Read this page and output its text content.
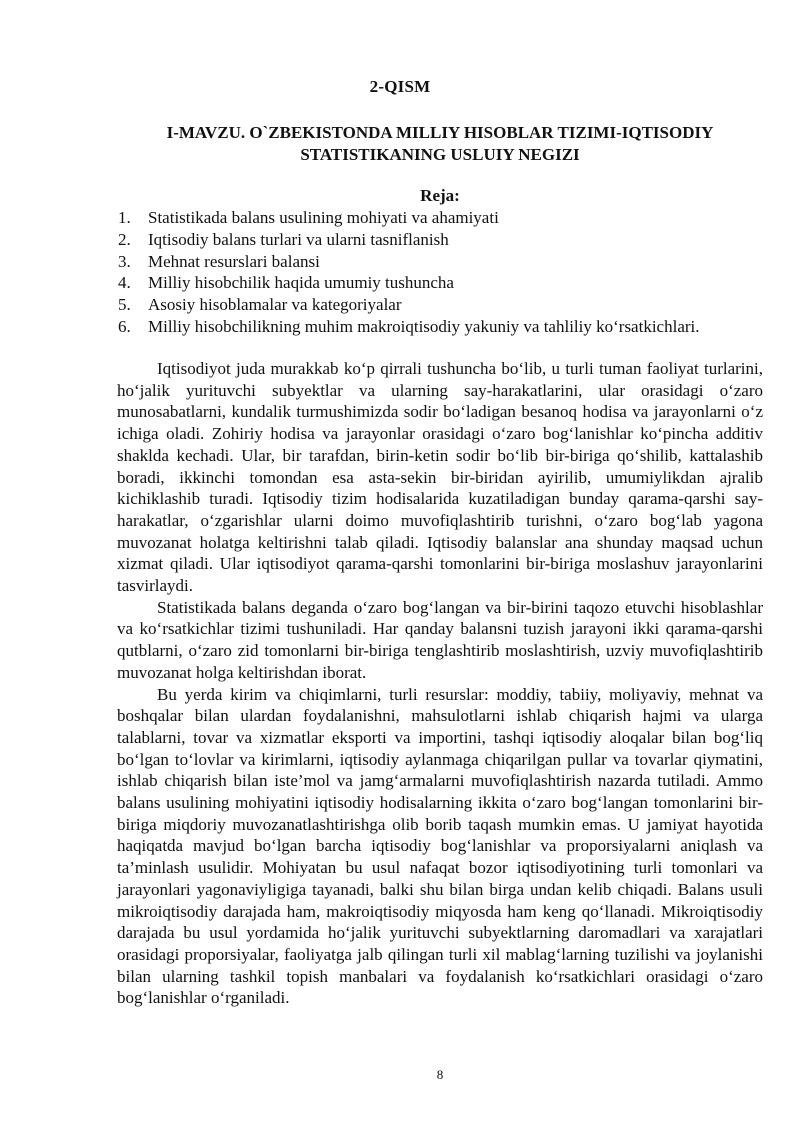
2-QISM
I-MAVZU. O`ZBEKISTONDA MILLIY HISOBLAR TIZIMI-IQTISODIY STATISTIKANING USLUIY NEGIZI
Reja:
1. Statistikada balans usulining mohiyati va ahamiyati
2. Iqtisodiy balans turlari va ularni tasniflanish
3. Mehnat resurslari balansi
4. Milliy hisobchilik haqida umumiy tushuncha
5. Asosiy hisoblamalar va kategoriyalar
6. Milliy hisobchilikning muhim makroiqtisodiy yakuniy va tahliliy ko‘rsatkichlari.

Iqtisodiyot juda murakkab ko‘p qirrali tushuncha bo‘lib, u turli tuman faoliyat turlarini, ho‘jalik yurituvchi subyektlar va ularning say-harakatlarini, ular orasidagi o‘zaro munosabatlarni, kundalik turmushimizda sodir bo‘ladigan besanoq hodisa va jarayonlarni o‘z ichiga oladi. Zohiriy hodisa va jarayonlar orasidagi o‘zaro bog‘lanishlar ko‘pincha additiv shaklda kechadi. Ular, bir tarafdan, birin-ketin sodir bo‘lib bir-biriga qo‘shilib, kattalashib boradi, ikkinchi tomondan esa asta-sekin bir-biridan ayirilib, umumiylikdan ajralib kichiklashib turadi. Iqtisodiy tizim hodisalarida kuzatiladigan bunday qarama-qarshi say-harakatlar, o‘zgarishlar ularni doimo muvofiqlashtirib turishni, o‘zaro bog‘lab yagona muvozanat holatga keltirishni talab qiladi. Iqtisodiy balanslar ana shunday maqsad uchun xizmat qiladi. Ular iqtisodiyot qarama-qarshi tomonlarini bir-biriga moslashuv jarayonlarini tasvirlaydi.

Statistikada balans deganda o‘zaro bog‘langan va bir-birini taqozo etuvchi hisoblashlar va ko‘rsatkichlar tizimi tushuniladi. Har qanday balansni tuzish jarayoni ikki qarama-qarshi qutblarni, o‘zaro zid tomonlarni bir-biriga tenglashtirib moslashtirish, uzviy muvofiqlashtirib muvozanat holga keltirishdan iborat.

Bu yerda kirim va chiqimlarni, turli resurslar: moddiy, tabiiy, moliyaviy, mehnat va boshqalar bilan ulardan foydalanishni, mahsulotlarni ishlab chiqarish hajmi va ularga talablarni, tovar va xizmatlar eksporti va importini, tashqi iqtisodiy aloqalar bilan bog‘liq bo‘lgan to‘lovlar va kirimlarni, iqtisodiy aylanmaga chiqarilgan pullar va tovarlar qiymatini, ishlab chiqarish bilan iste’mol va jamg‘armalarni muvofiqlashtirish nazarda tutiladi. Ammo balans usulining mohiyatini iqtisodiy hodisalarning ikkita o‘zaro bog‘langan tomonlarini bir-biriga miqdoriy muvozanatlashtirishga olib borib taqash mumkin emas. U jamiyat hayotida haqiqatda mavjud bo‘lgan barcha iqtisodiy bog‘lanishlar va proporsiyalarni aniqlash va ta’minlash usulidir. Mohiyatan bu usul nafaqat bozor iqtisodiyotining turli tomonlari va jarayonlari yagonaviyligiga tayanadi, balki shu bilan birga undan kelib chiqadi. Balans usuli mikroiqtisodiy darajada ham, makroiqtisodiy miqyosda ham keng qo‘llanadi. Mikroiqtisodiy darajada bu usul yordamida ho‘jalik yurituvchi subyektlarning daromadlari va xarajatlari orasidagi proporsiyalar, faoliyatga jalb qilingan turli xil mablag‘larning tuzilishi va joylanishi bilan ularning tashkil topish manbalari va foydalanish ko‘rsatkichlari orasidagi o‘zaro bog‘lanishlar o‘rganiladi.

8
